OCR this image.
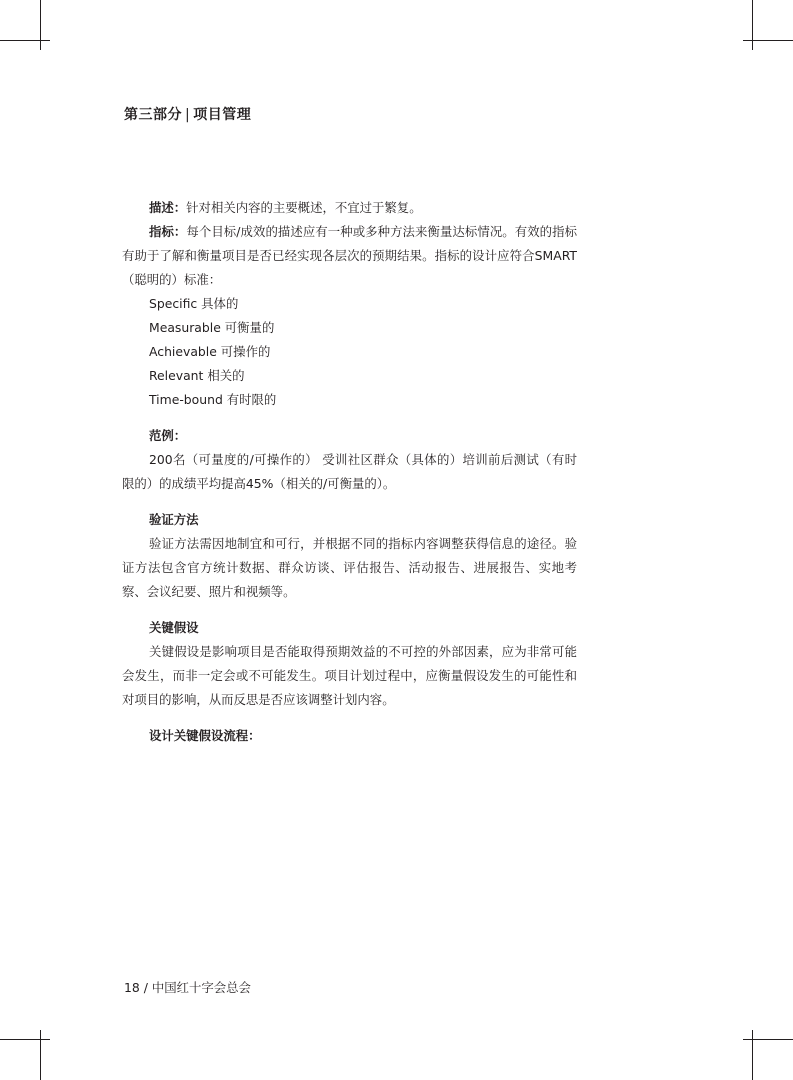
第三部分 | 项目管理

描述：针对相关内容的主要概述，不宜过于繁复。

指标：每个目标/成效的描述应有一种或多种方法来衡量达标情况。有效的指标有助于了解和衡量项目是否已经实现各层次的预期结果。指标的设计应符合SMART（聪明的）标准：

Specific 具体的

Measurable 可衡量的

Achievable 可操作的

Relevant 相关的

Time-bound 有时限的

范例：

200名（可量度的/可操作的） 受训社区群众（具体的）培训前后测试（有时限的）的成绩平均提高45%（相关的/可衡量的）。

验证方法

验证方法需因地制宜和可行，并根据不同的指标内容调整获得信息的途径。验证方法包含官方统计数据、群众访谈、评估报告、活动报告、进展报告、实地考察、会议纪要、照片和视频等。

关键假设

关键假设是影响项目是否能取得预期效益的不可控的外部因素，应为非常可能会发生，而非一定会或不可能发生。项目计划过程中，应衡量假设发生的可能性和对项目的影响，从而反思是否应该调整计划内容。

设计关键假设流程：

18 / 中国红十字会总会
